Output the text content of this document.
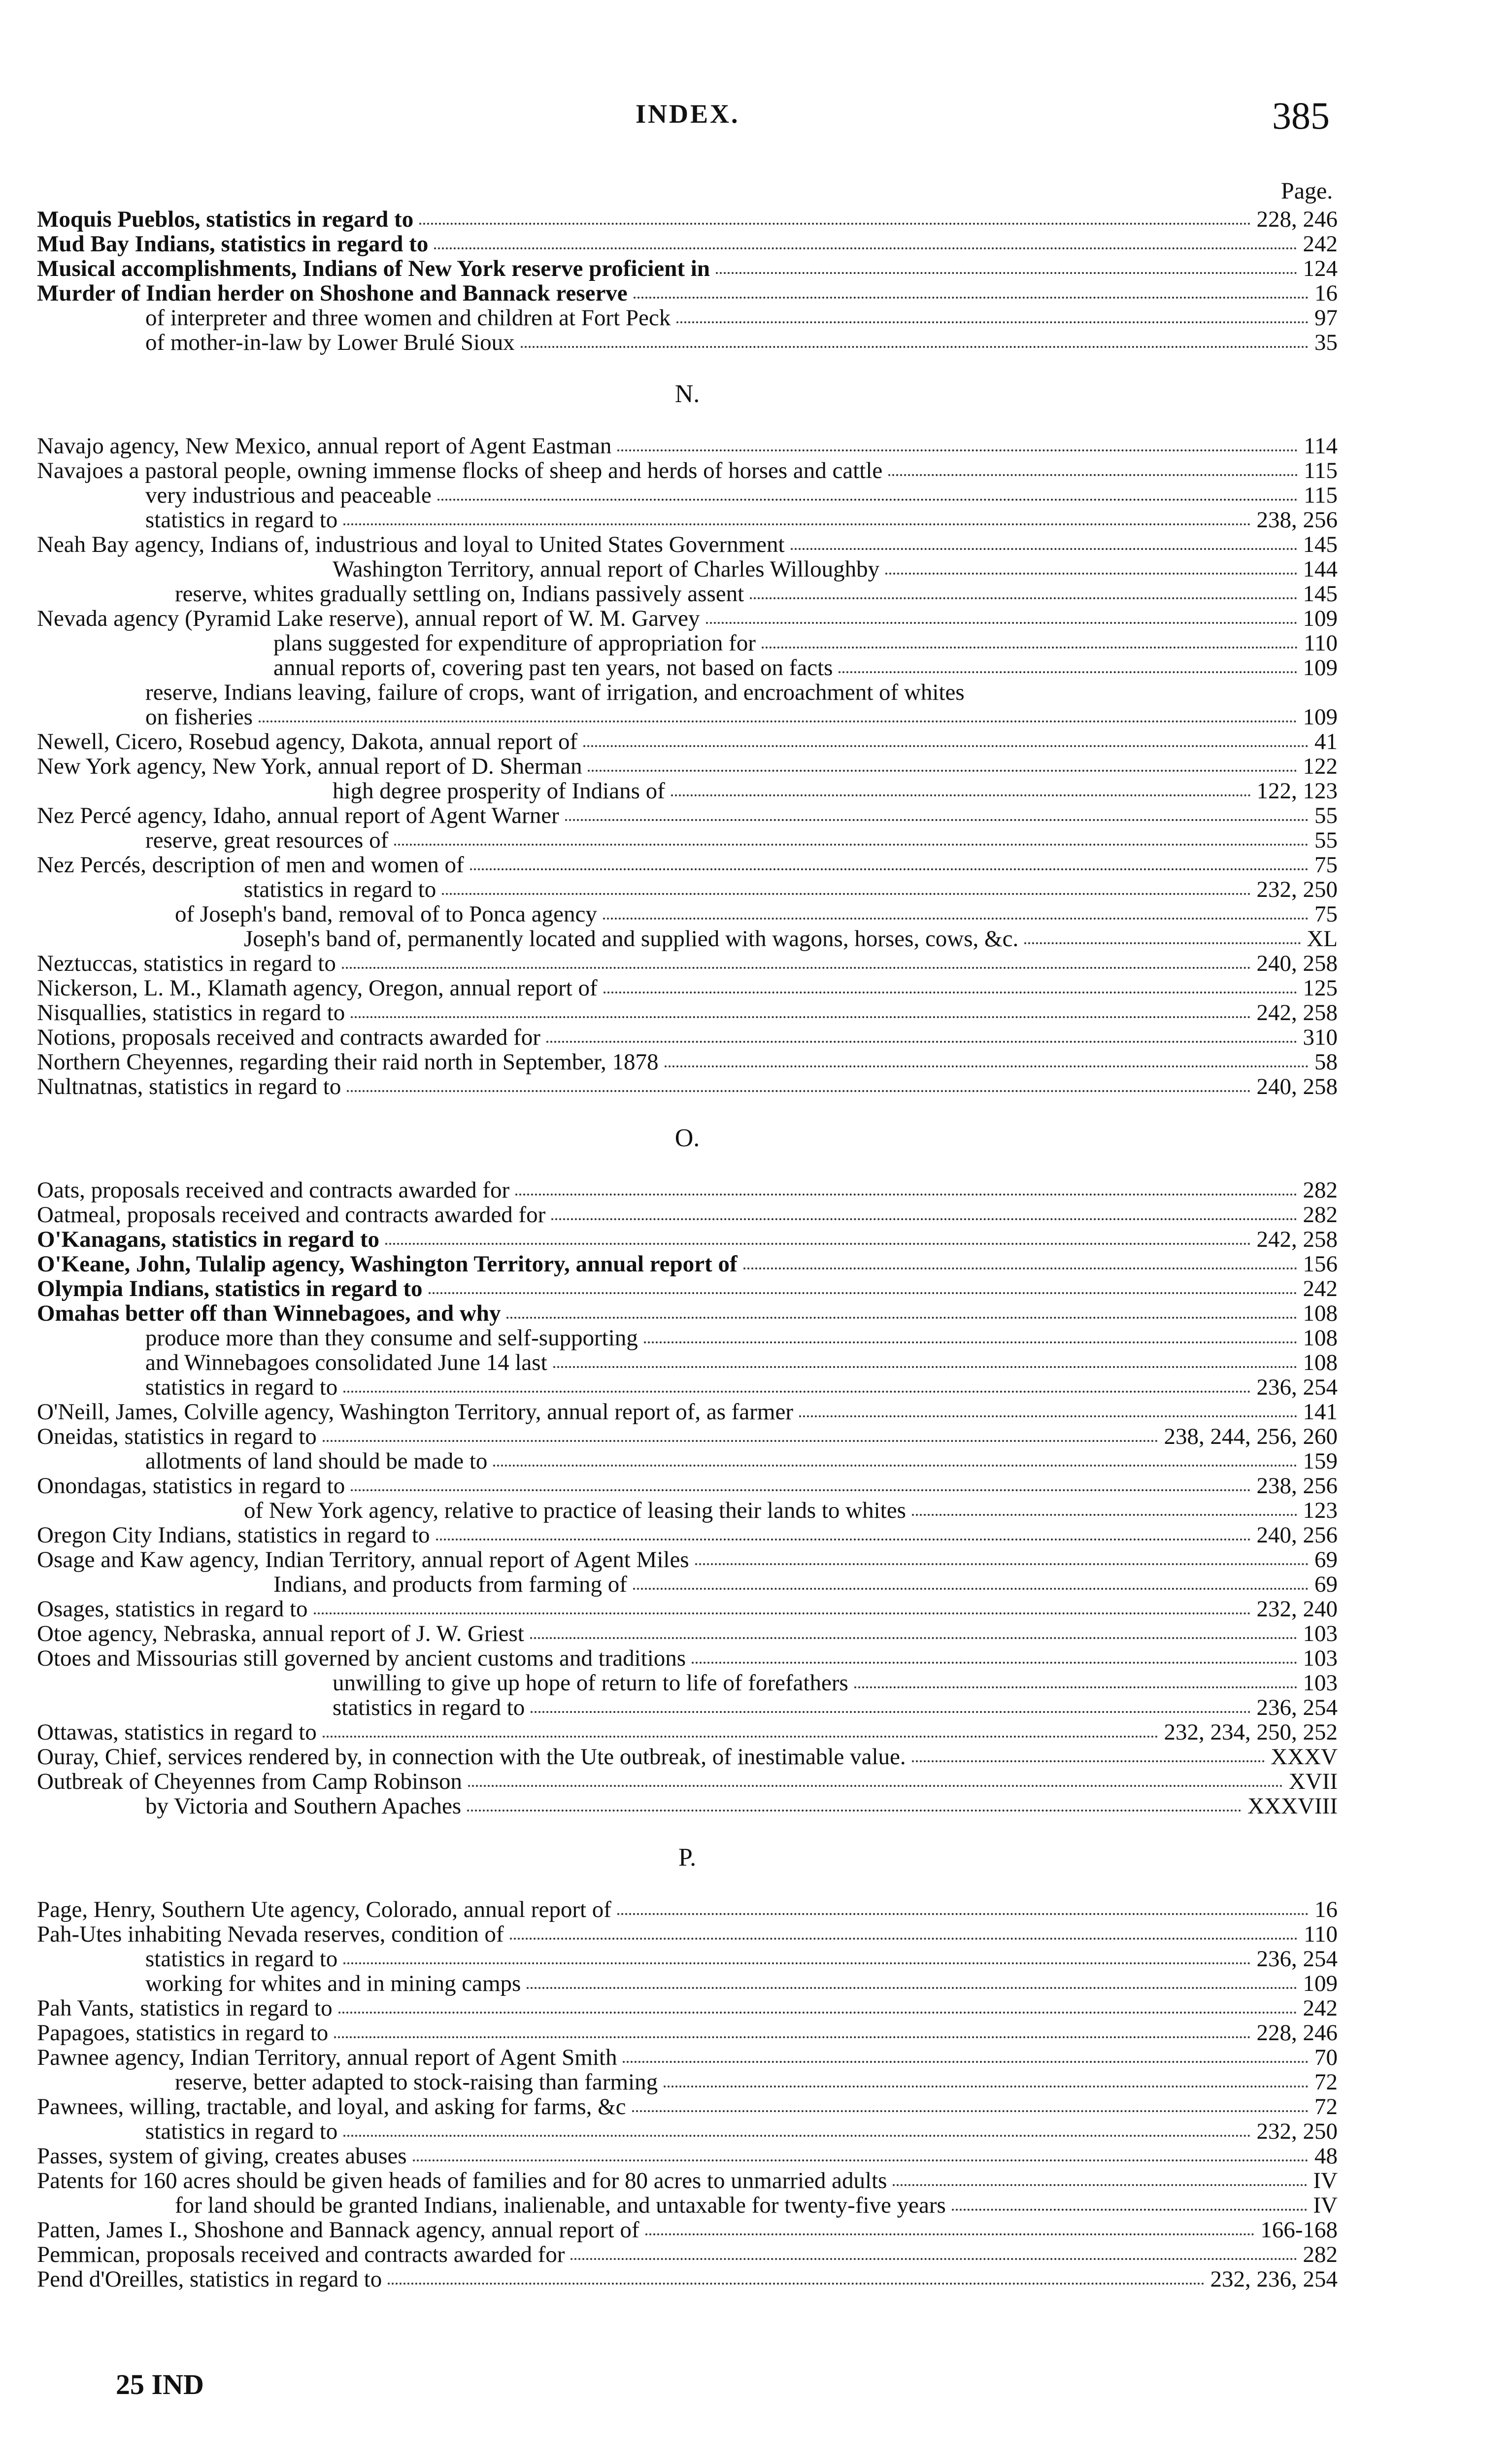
INDEX.	385
Page.
Moquis Pueblos, statistics in regard to	228, 246
Mud Bay Indians, statistics in regard to	242
Musical accomplishments, Indians of New York reserve proficient in	124
Murder of Indian herder on Shoshone and Bannack reserve	16
of interpreter and three women and children at Fort Peck	97
of mother-in-law by Lower Brulé Sioux	35
N.
Navajo agency, New Mexico, annual report of Agent Eastman	114
Navajoes a pastoral people, owning immense flocks of sheep and herds of horses and cattle	115
very industrious and peaceable	115
statistics in regard to	238, 256
Neah Bay agency, Indians of, industrious and loyal to United States Government	145
Washington Territory, annual report of Charles Willoughby	144
reserve, whites gradually settling on, Indians passively assent	145
Nevada agency (Pyramid Lake reserve), annual report of W. M. Garvey	109
plans suggested for expenditure of appropriation for	110
annual reports of, covering past ten years, not based on facts	109
reserve, Indians leaving, failure of crops, want of irrigation, and encroachment of whites
on fisheries	109
Newell, Cicero, Rosebud agency, Dakota, annual report of	41
New York agency, New York, annual report of D. Sherman	122
high degree prosperity of Indians of	122, 123
Nez Percé agency, Idaho, annual report of Agent Warner	55
reserve, great resources of	55
Nez Percés, description of men and women of	75
statistics in regard to	232, 250
of Joseph's band, removal of to Ponca agency	75
Joseph's band of, permanently located and supplied with wagons, horses, cows, &c.	XL
Neztuccas, statistics in regard to	240, 258
Nickerson, L. M., Klamath agency, Oregon, annual report of	125
Nisquallies, statistics in regard to	242, 258
Notions, proposals received and contracts awarded for	310
Northern Cheyennes, regarding their raid north in September, 1878	58
Nultnatnas, statistics in regard to	240, 258
O.
Oats, proposals received and contracts awarded for	282
Oatmeal, proposals received and contracts awarded for	282
O'Kanagans, statistics in regard to	242, 258
O'Keane, John, Tulalip agency, Washington Territory, annual report of	156
Olympia Indians, statistics in regard to	242
Omahas better off than Winnebagoes, and why	108
produce more than they consume and self-supporting	108
and Winnebagoes consolidated June 14 last	108
statistics in regard to	236, 254
O'Neill, James, Colville agency, Washington Territory, annual report of, as farmer	141
Oneidas, statistics in regard to	238, 244, 256, 260
allotments of land should be made to	159
Onondagas, statistics in regard to	238, 256
of New York agency, relative to practice of leasing their lands to whites	123
Oregon City Indians, statistics in regard to	240, 256
Osage and Kaw agency, Indian Territory, annual report of Agent Miles	69
Indians, and products from farming of	69
Osages, statistics in regard to	232, 240
Otoe agency, Nebraska, annual report of J. W. Griest	103
Otoes and Missourias still governed by ancient customs and traditions	103
unwilling to give up hope of return to life of forefathers	103
statistics in regard to	236, 254
Ottawas, statistics in regard to	232, 234, 250, 252
Ouray, Chief, services rendered by, in connection with the Ute outbreak, of inestimable value.	XXXV
Outbreak of Cheyennes from Camp Robinson	XVII
by Victoria and Southern Apaches	XXXVIII
P.
Page, Henry, Southern Ute agency, Colorado, annual report of	16
Pah-Utes inhabiting Nevada reserves, condition of	110
statistics in regard to	236, 254
working for whites and in mining camps	109
Pah Vants, statistics in regard to	242
Papagoes, statistics in regard to	228, 246
Pawnee agency, Indian Territory, annual report of Agent Smith	70
reserve, better adapted to stock-raising than farming	72
Pawnees, willing, tractable, and loyal, and asking for farms, &c	72
statistics in regard to	232, 250
Passes, system of giving, creates abuses	48
Patents for 160 acres should be given heads of families and for 80 acres to unmarried adults	IV
for land should be granted Indians, inalienable, and untaxable for twenty-five years	IV
Patten, James I., Shoshone and Bannack agency, annual report of	166-168
Pemmican, proposals received and contracts awarded for	282
Pend d'Oreilles, statistics in regard to	232, 236, 254
25 IND
